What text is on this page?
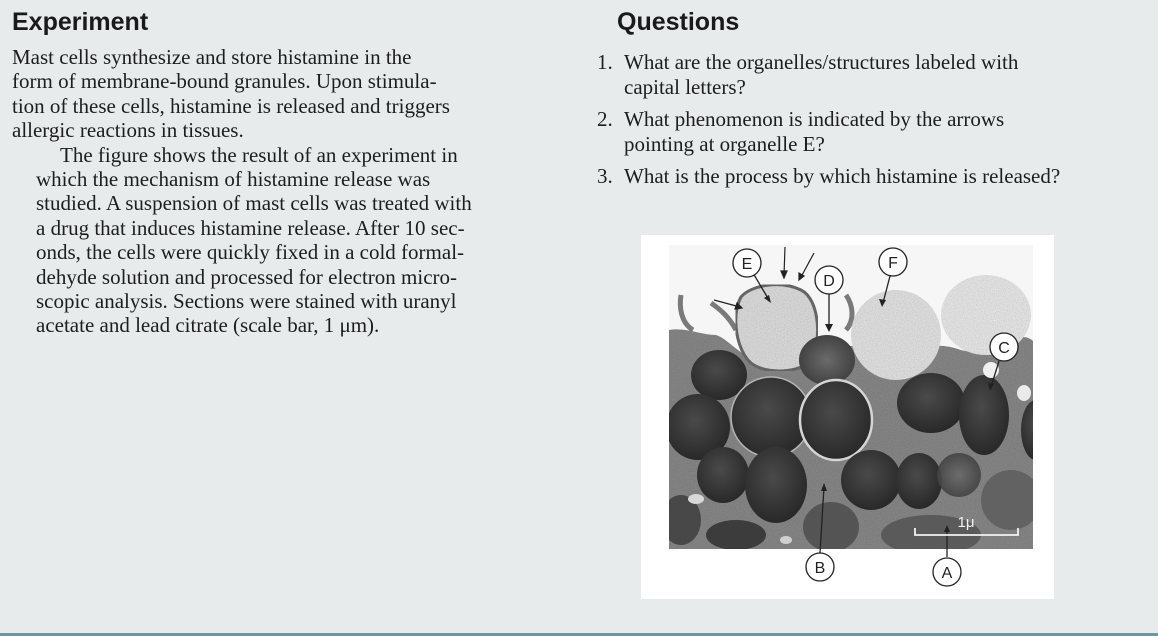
Experiment

Mast cells synthesize and store histamine in the
form of membrane-bound granules. Upon stimula-
tion of these cells, histamine is released and triggers
allergic reactions in tissues.

The figure shows the result of an experiment in
which the mechanism of histamine release was
studied. A suspension of mast cells was treated with
a drug that induces histamine release. After 10 sec-
onds, the cells were quickly fixed in a cold formal-
dehyde solution and processed for electron micro-
scopic analysis. Sections were stained with uranyl
acetate and lead citrate (scale bar, 1 μm).

Questions
1. What are the organelles/structures labeled with
capital letters?
2. What phenomenon is indicated by the arrows
pointing at organelle E?
3. What is the process by which histamine is released?
E
D
F
C
B	A
1μ
